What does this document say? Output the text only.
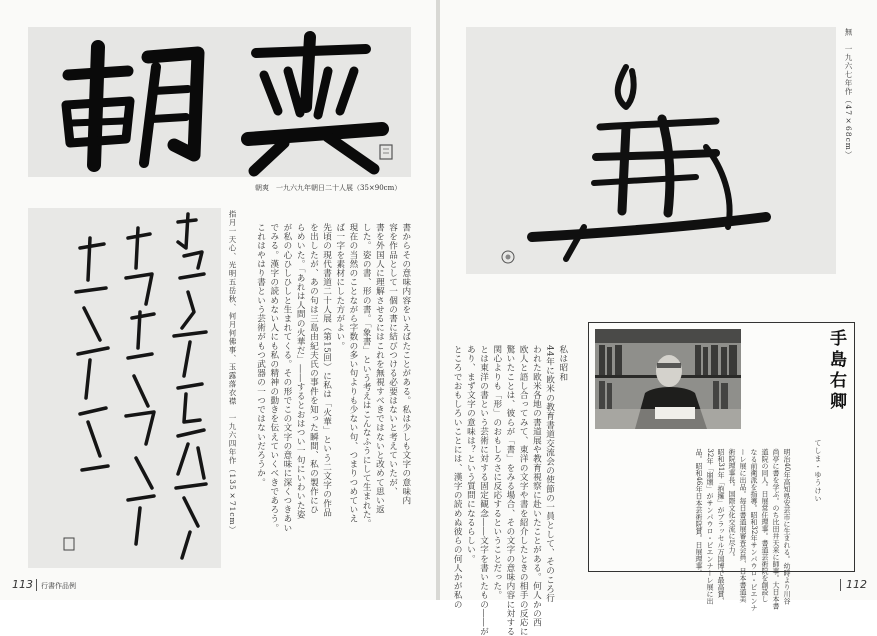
朝爽　一九六九年朝日二十人展（35×90cm）
指月一天心、光明五岳秋、何月何佛事、玉露落衣襟　一九六四年作（135×71cm）	書からその意味内容をいえばたことがある。私は少しも文字の意味内
容を作品として一個の書に結びつける必要はないと考えていたが、
書を外国人に理解させるにはこれを無視すべきではないと改めて思い返
した。姿の書、形の書。「象書」という考えはこんなふうにして生まれた。
現在の当然のことながら字数の多い句よりも少ない句、つまりつめていえ
ば一字を素材にした方がよい。
先頃の現代書道二十人展（第15回）に私は「火華」という二文字の作品
を出したが、あの句は三島由紀夫氏の事件を知った瞬間、私の製作にひ
らめいた。「あれは人間の火華だ」――するとおはつい一句にいわいた姿
が私の心ひしひしと生まれてくる。その形でこの文字の意味に深くつきあい
でみる。漢字の読めない人にも私の精神の動きを伝えていくべきであろう。
これはやはり書という芸術がもつ武器の一つではないだろうか。

113 行書作品例
無　一九六七年作（47×68cm）

私は昭和
44年に欧米の教育書道交流会の使節の一員として、そのころ行
われた欧米各地の書道展や教育視察に赴いたことがある。何人かの西
欧人と語し合ってみて、東洋の文字や書を紹介したときの相手の反応に
驚いたことは、彼らが「書」をみる場合、その文字の意味内容に対する
関心よりも「形」のおもしろさに反応するということだった。
とは東洋の書という芸術に対する固定観念――文字を書いたもの――が
あり、まず文字の意味は？という質問になるらしい。
ところでおもしろいことには、漢字の読めぬ彼らの何人かが私の
	手島右卿
てしま・ゆうけい

明治40年高知県安芸市に生まれる。幼時より川谷
尚亭に書を学ぶ。のち比田井天来に師事。大日本書
道院の同人。日展常任理事。書道芸術院を創設し
なる前衛派を指導。昭和32年サンパウロ・ビエンナ
ーレ展に出品。毎日書道展審査会員、日本書道美
術院理事長。国際文化交流に尽力。
昭和31年「抱擁」がブラッセル万国博で最高賞、
32年「崩壊」がサンパウロ・ビエンナーレ展に出
品。昭和46年日本芸術院賞。日展理事。

112
